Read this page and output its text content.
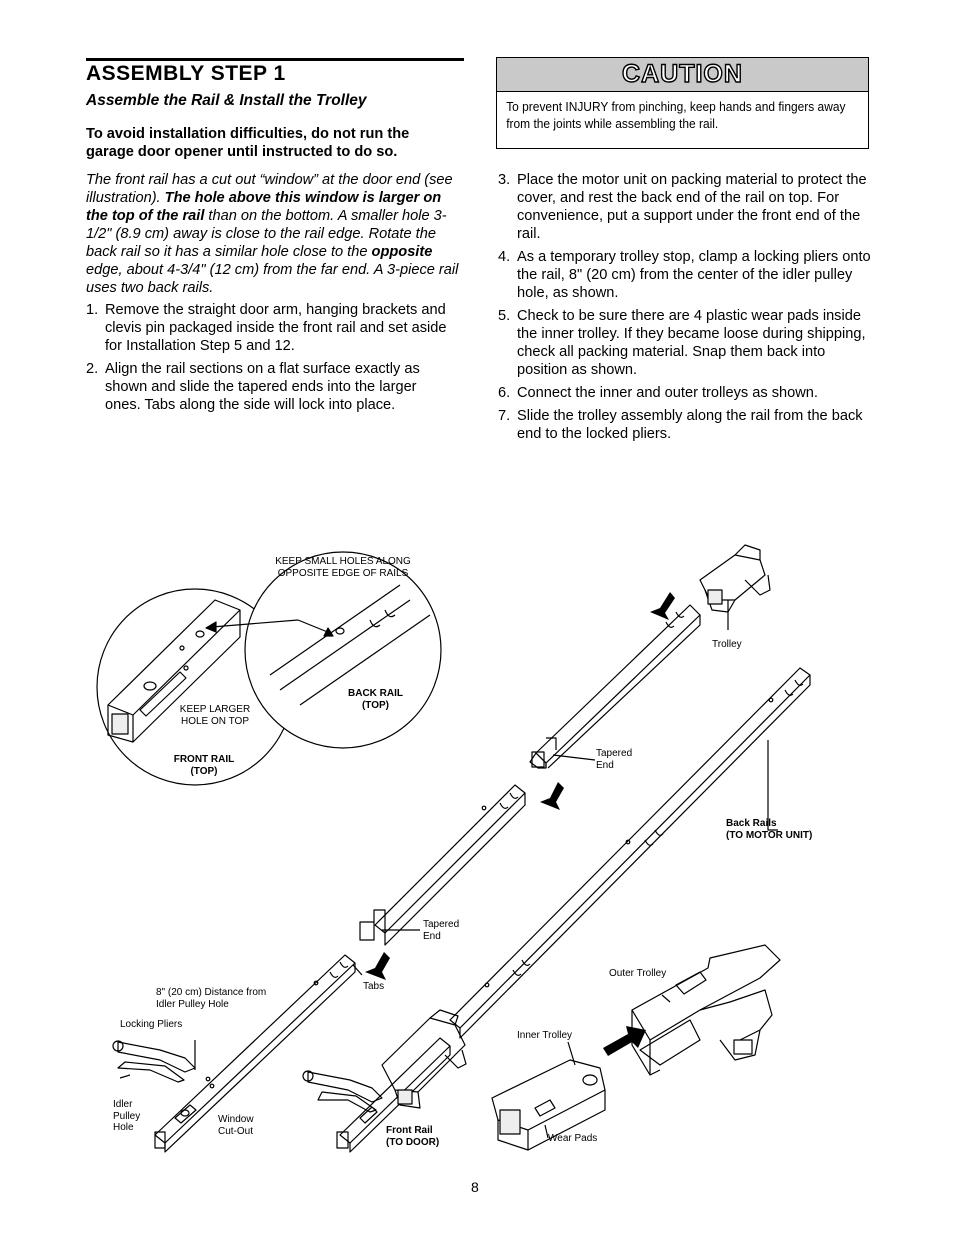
ASSEMBLY STEP 1
Assemble the Rail & Install the Trolley
To avoid installation difficulties, do not run the garage door opener until instructed to do so.
The front rail has a cut out “window” at the door end (see illustration). The hole above this window is larger on the top of the rail than on the bottom. A smaller hole 3-1/2" (8.9 cm) away is close to the rail edge. Rotate the back rail so it has a similar hole close to the opposite edge, about 4-3/4" (12 cm) from the far end. A 3-piece rail uses two back rails.
1. Remove the straight door arm, hanging brackets and clevis pin packaged inside the front rail and set aside for Installation Step 5 and 12.
2. Align the rail sections on a flat surface exactly as shown and slide the tapered ends into the larger ones. Tabs along the side will lock into place.
CAUTION
To prevent INJURY from pinching, keep hands and fingers away from the joints while assembling the rail.
3. Place the motor unit on packing material to protect the cover, and rest the back end of the rail on top. For convenience, put a support under the front end of the rail.
4. As a temporary trolley stop, clamp a locking pliers onto the rail, 8" (20 cm) from the center of the idler pulley hole, as shown.
5. Check to be sure there are 4 plastic wear pads inside the inner trolley. If they became loose during shipping, check all packing material. Snap them back into position as shown.
6. Connect the inner and outer trolleys as shown.
7. Slide the trolley assembly along the rail from the back end to the locked pliers.
KEEP SMALL HOLES ALONG OPPOSITE EDGE OF RAILS
KEEP LARGER HOLE ON TOP
FRONT RAIL (TOP)
BACK RAIL (TOP)
Trolley
Tapered End
Back Rails
(TO MOTOR UNIT)
Tapered End
Tabs
8" (20 cm) Distance from Idler Pulley Hole
Locking Pliers
Idler Pulley Hole
Window Cut-Out	Front Rail
(TO DOOR)
Outer Trolley
Inner Trolley
Wear Pads
8
